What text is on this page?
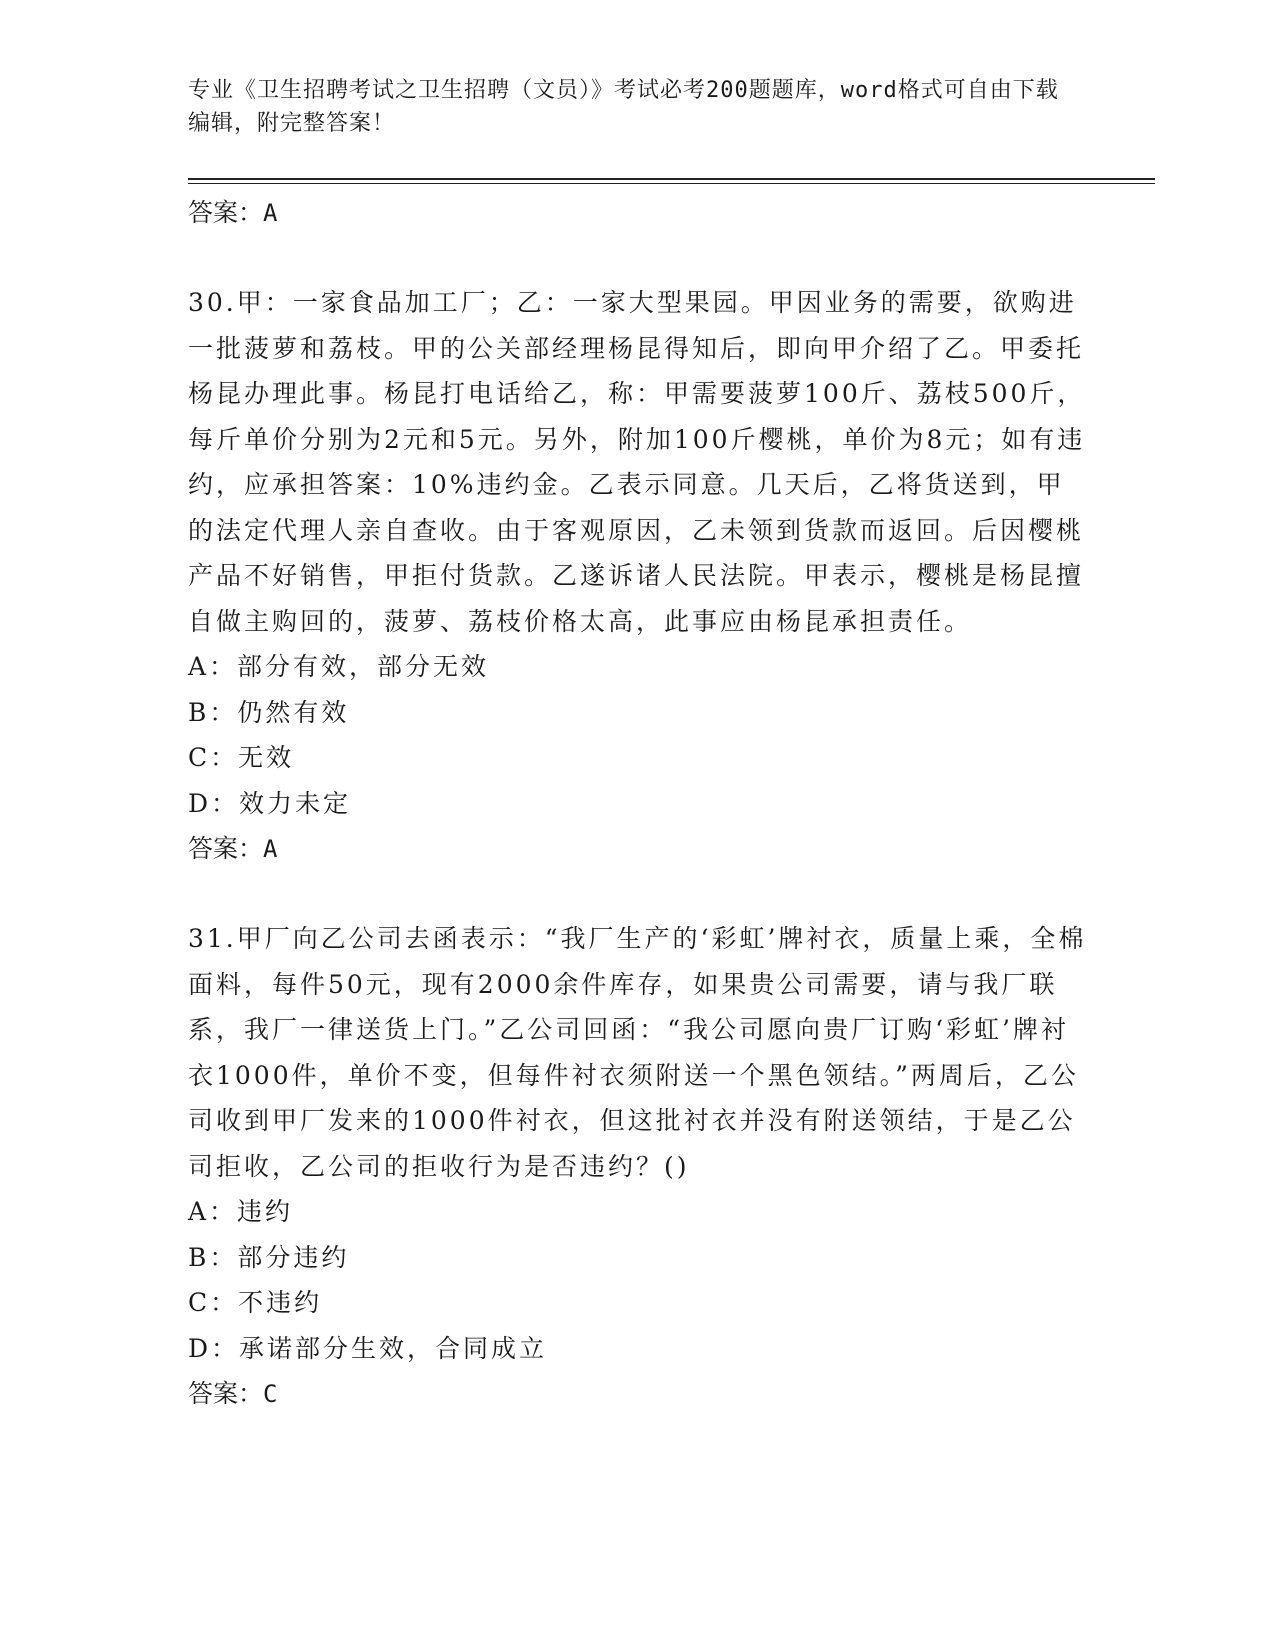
专业《卫生招聘考试之卫生招聘（文员）》考试必考200题题库，word格式可自由下载编辑，附完整答案！
答案：A

30.甲：一家食品加工厂；乙：一家大型果园。甲因业务的需要，欲购进一批菠萝和荔枝。甲的公关部经理杨昆得知后，即向甲介绍了乙。甲委托杨昆办理此事。杨昆打电话给乙，称：甲需要菠萝100斤、荔枝500斤，每斤单价分别为2元和5元。另外，附加100斤樱桃，单价为8元；如有违约，应承担答案：10%违约金。乙表示同意。几天后，乙将货送到，甲的法定代理人亲自查收。由于客观原因，乙未领到货款而返回。后因樱桃产品不好销售，甲拒付货款。乙遂诉诸人民法院。甲表示，樱桃是杨昆擅自做主购回的，菠萝、荔枝价格太高，此事应由杨昆承担责任。

A：部分有效，部分无效

B：仍然有效

C：无效

D：效力未定

答案：A

31.甲厂向乙公司去函表示：“我厂生产的‘彩虹’牌衬衣，质量上乘，全棉面料，每件50元，现有2000余件库存，如果贵公司需要，请与我厂联系，我厂一律送货上门。”乙公司回函：“我公司愿向贵厂订购‘彩虹’牌衬衣1000件，单价不变，但每件衬衣须附送一个黑色领结。”两周后，乙公司收到甲厂发来的1000件衬衣，但这批衬衣并没有附送领结，于是乙公司拒收，乙公司的拒收行为是否违约？()

A：违约

B：部分违约

C：不违约

D：承诺部分生效，合同成立

答案：C
